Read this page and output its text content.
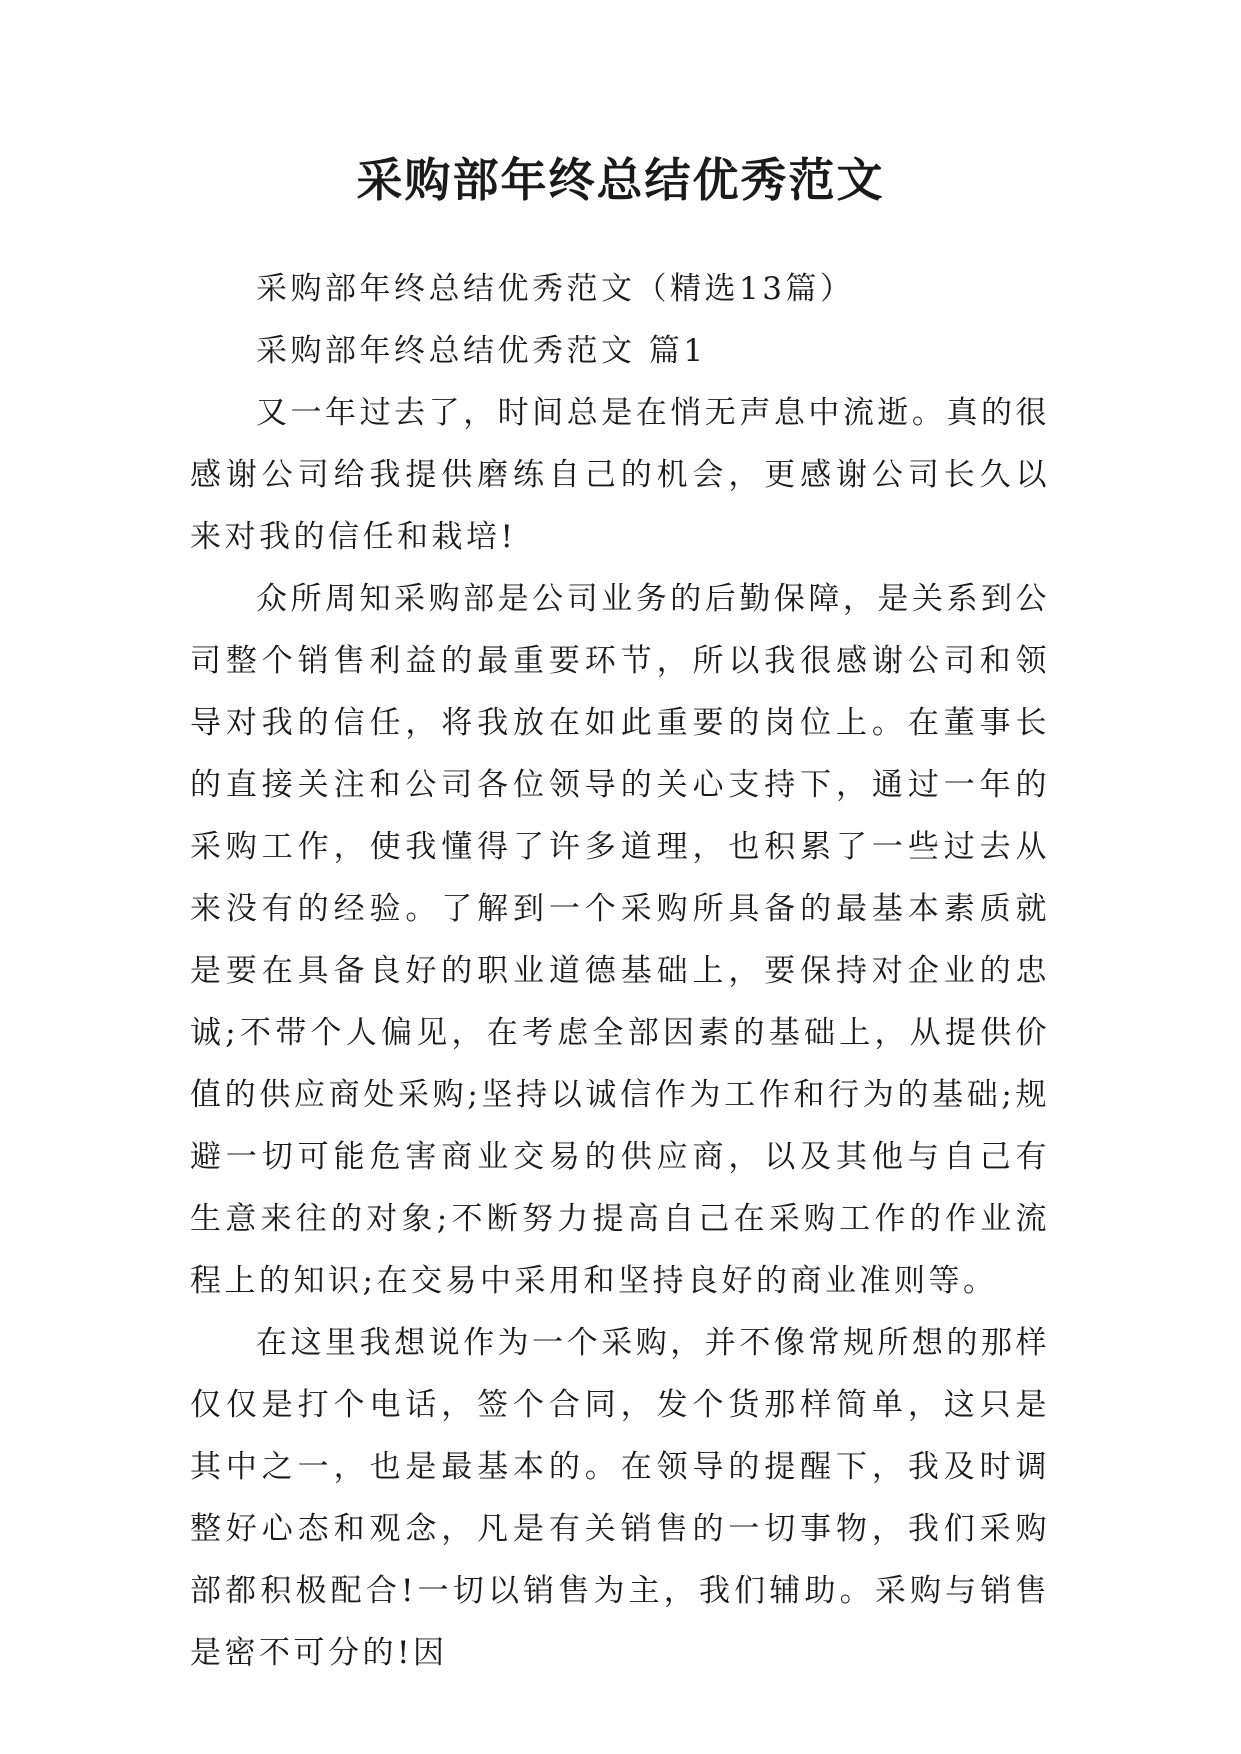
采购部年终总结优秀范文

采购部年终总结优秀范文（精选13篇）

采购部年终总结优秀范文 篇1

又一年过去了，时间总是在悄无声息中流逝。真的很感谢公司给我提供磨练自己的机会，更感谢公司长久以来对我的信任和栽培!

众所周知采购部是公司业务的后勤保障，是关系到公司整个销售利益的最重要环节，所以我很感谢公司和领导对我的信任，将我放在如此重要的岗位上。在董事长的直接关注和公司各位领导的关心支持下，通过一年的采购工作，使我懂得了许多道理，也积累了一些过去从来没有的经验。了解到一个采购所具备的最基本素质就是要在具备良好的职业道德基础上，要保持对企业的忠诚;不带个人偏见，在考虑全部因素的基础上，从提供价值的供应商处采购;坚持以诚信作为工作和行为的基础;规避一切可能危害商业交易的供应商，以及其他与自己有生意来往的对象;不断努力提高自己在采购工作的作业流程上的知识;在交易中采用和坚持良好的商业准则等。

在这里我想说作为一个采购，并不像常规所想的那样仅仅是打个电话，签个合同，发个货那样简单，这只是其中之一，也是最基本的。在领导的提醒下，我及时调整好心态和观念，凡是有关销售的一切事物，我们采购部都积极配合!一切以销售为主，我们辅助。采购与销售是密不可分的!因
